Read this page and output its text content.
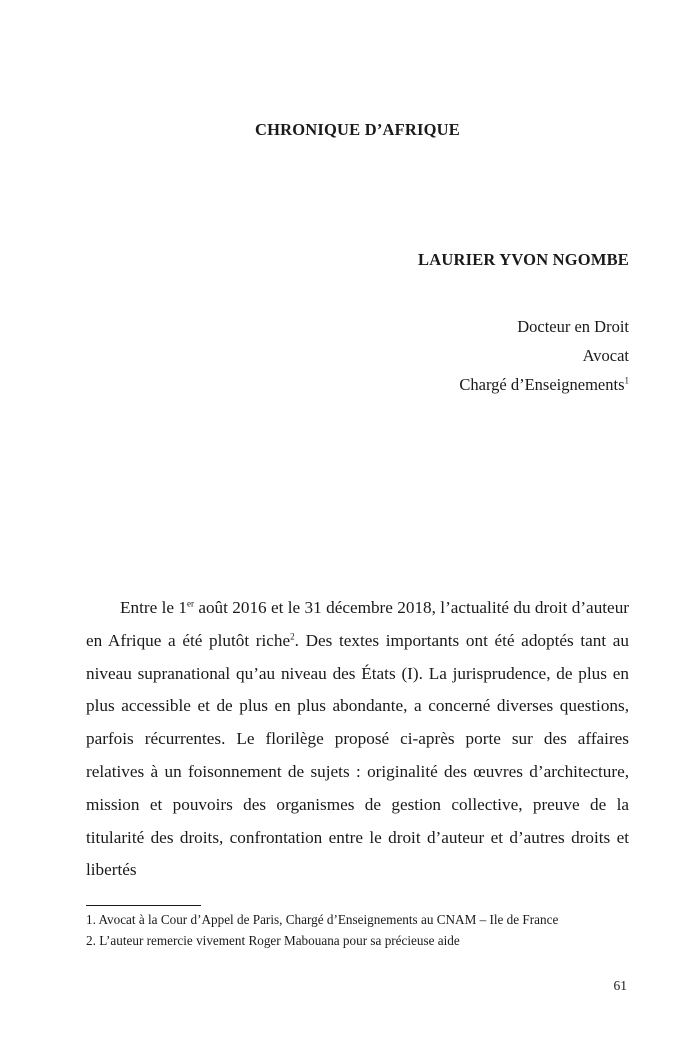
CHRONIQUE D’AFRIQUE
LAURIER YVON NGOMBE
Docteur en Droit
Avocat
Chargé d’Enseignements$^1$

Entre le 1er août 2016 et le 31 décembre 2018, l’actualité du droit d’auteur en Afrique a été plutôt riche$^2$. Des textes importants ont été adoptés tant au niveau supranational qu’au niveau des États (I). La jurisprudence, de plus en plus accessible et de plus en plus abondante, a concerné diverses questions, parfois récurrentes. Le florilège proposé ci-après porte sur des affaires relatives à un foisonnement de sujets : originalité des œuvres d’architecture, mission et pouvoirs des organismes de gestion collective, preuve de la titularité des droits, confrontation entre le droit d’auteur et d’autres droits et libertés

1. Avocat à la Cour d’Appel de Paris, Chargé d’Enseignements au CNAM – Ile de France
2. L’auteur remercie vivement Roger Mabouana pour sa précieuse aide
61
